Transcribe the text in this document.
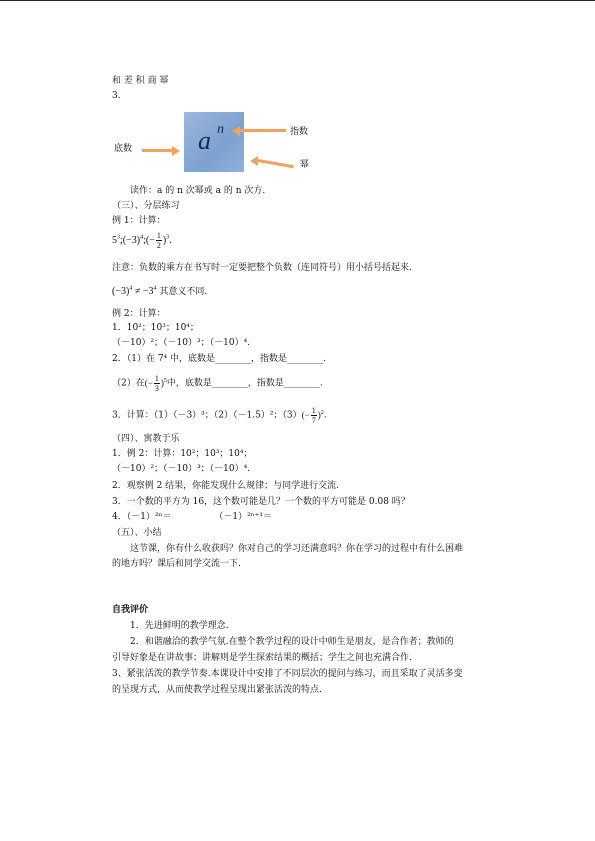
和 差 积 商 幂
3.
a n
底数
指数
幂
读作：a 的 n 次幂或 a 的 n 次方.
（三）、分层练习
例 1：计算：
$5^3;(-3)^4;(- \frac{1}{2} )^3$.
注意：负数的乘方在书写时一定要把整个负数（连同符号）用小括号括起来.
$(-3)^4 \ne -3^4$ 其意义不同.
例 2：计算：
1．10²；10³；10⁴；
（－10）²；（－10）³；（－10）⁴.
2．（1）在 7⁴ 中，底数是________，指数是________.
（2）在(− $\frac{1}{3} )^5$中，底数是________，指数是________.
3．计算：（1）（－3）³；（2）（－1.5）²；$(3)(- \frac{1}{7} )^2$.
（四）、寓教于乐
1．例 2：计算：10²；10³；10⁴；
（－10）²；（－10）³；（－10）⁴.
2．观察例 2 结果，你能发现什么规律；与同学进行交流.
3．一个数的平方为 16，这个数可能是几？一个数的平方可能是 0.08 吗？
4．（－1）²ⁿ＝	（－1）²ⁿ⁺¹＝
（五）、小结
这节课，你有什么收获吗？你对自己的学习还满意吗？你在学习的过程中有什么困难
的地方吗？课后和同学交流一下.
自我评价
1．先进鲜明的教学理念.
2．和谐融洽的教学气氛.在整个教学过程的设计中师生是朋友，是合作者；教师的
引导好象是在讲故事；讲解则是学生探索结果的概括；学生之间也充满合作.
3、紧张活泼的教学节奏.本课设计中安排了不同层次的提问与练习，而且采取了灵活多变
的呈现方式，从而使教学过程呈现出紧张活泼的特点.
